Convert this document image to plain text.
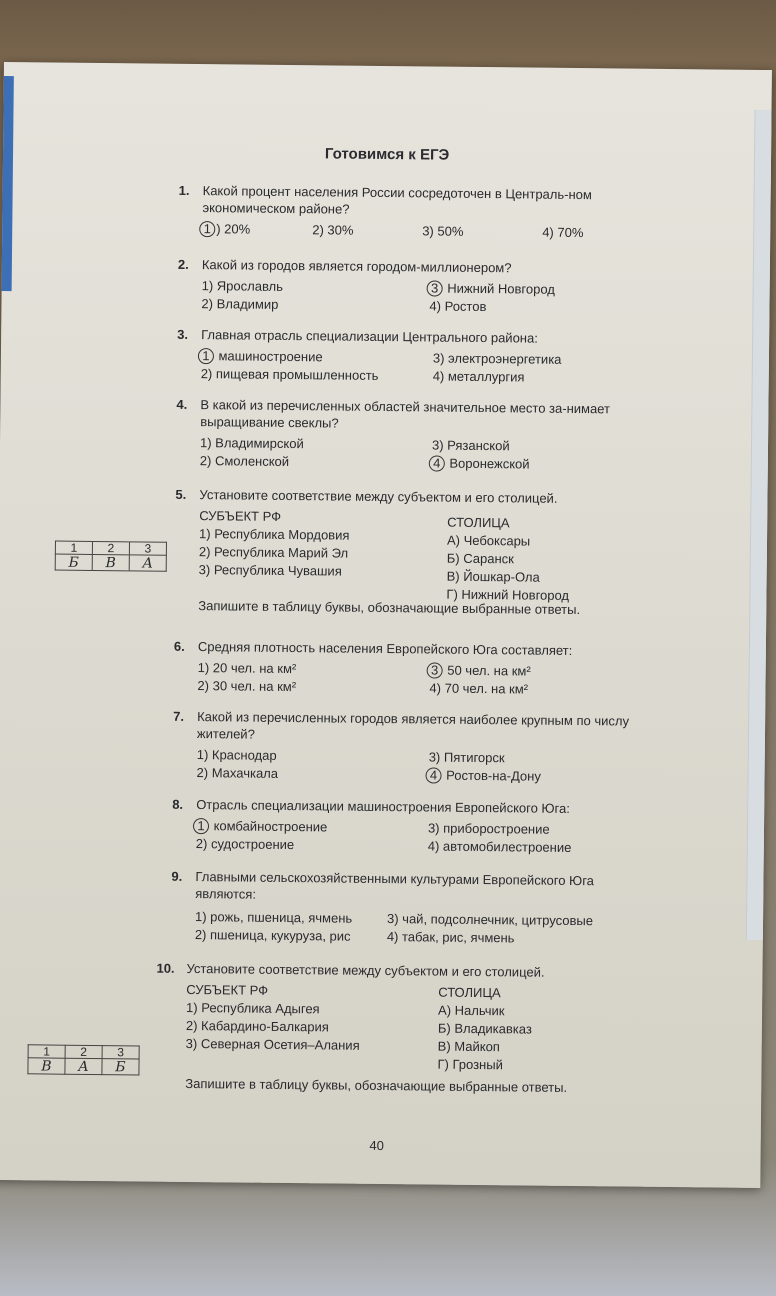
Готовимся к ЕГЭ
1. Какой процент населения России сосредоточен в Централь-ном экономическом районе?
1 ) 20%	2) 30%	3) 50%	4) 70%
2. Какой из городов является городом-миллионером?
1) Ярославль
2) Владимир
3 Нижний Новгород
4) Ростов
3. Главная отрасль специализации Центрального района:
1 машиностроение
2) пищевая промышленность
3) электроэнергетика
4) металлургия
4. В какой из перечисленных областей значительное место за-нимает выращивание свеклы?
1) Владимирской
2) Смоленской
3) Рязанской
4 Воронежской
5. Установите соответствие между субъектом и его столицей.
СУБЪЕКТ РФ
1) Республика Мордовия
2) Республика Марий Эл
3) Республика Чувашия
СТОЛИЦА
А) Чебоксары
Б) Саранск
В) Йошкар-Ола
Г) Нижний Новгород
Запишите в таблицу буквы, обозначающие выбранные ответы.
1	2	3
Б	В	А
6. Средняя плотность населения Европейского Юга составляет:
1) 20 чел. на км²
2) 30 чел. на км²
3 50 чел. на км²
4) 70 чел. на км²
7. Какой из перечисленных городов является наиболее крупным по числу жителей?
1) Краснодар
2) Махачкала
3) Пятигорск
4 Ростов-на-Дону
8. Отрасль специализации машиностроения Европейского Юга:
1 комбайностроение
2) судостроение
3) приборостроение
4) автомобилестроение
9. Главными сельскохозяйственными культурами Европейского Юга являются:
1) рожь, пшеница, ячмень
2) пшеница, кукуруза, рис
3) чай, подсолнечник, цитрусовые
4) табак, рис, ячмень
10. Установите соответствие между субъектом и его столицей.
СУБЪЕКТ РФ
1) Республика Адыгея
2) Кабардино-Балкария
3) Северная Осетия–Алания
СТОЛИЦА
А) Нальчик
Б) Владикавказ
В) Майкоп
Г) Грозный
Запишите в таблицу буквы, обозначающие выбранные ответы.
1	2	3
В	А	Б
40
